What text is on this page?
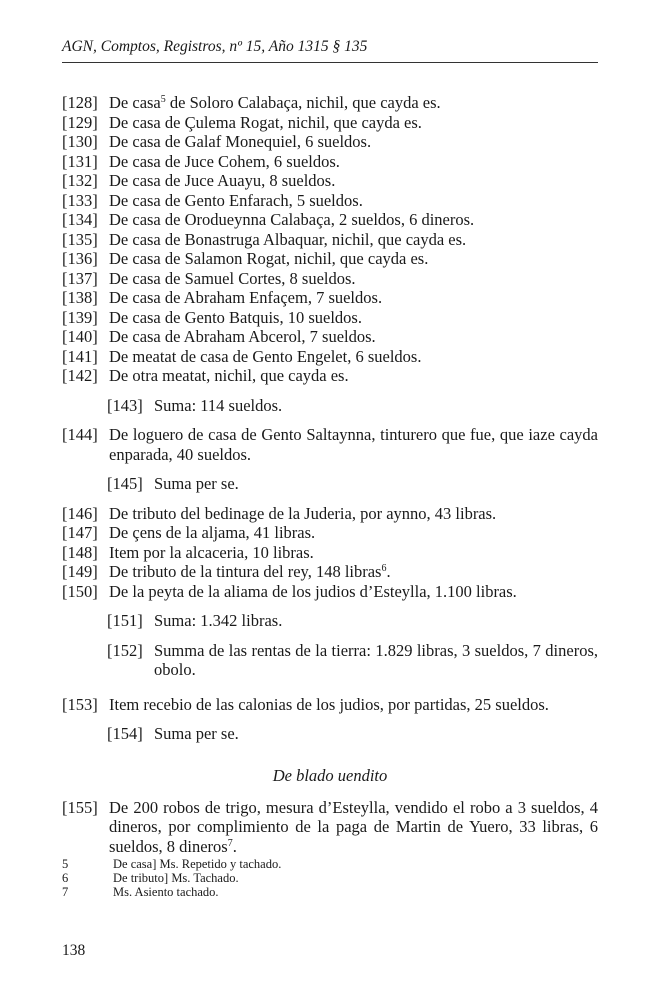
AGN, Comptos, Registros, nº 15, Año 1315 § 135
[128] De casa$^5$ de Soloro Calabaça, nichil, que cayda es.
[129] De casa de Çulema Rogat, nichil, que cayda es.
[130] De casa de Galaf Monequiel, 6 sueldos.
[131] De casa de Juce Cohem, 6 sueldos.
[132] De casa de Juce Auayu, 8 sueldos.
[133] De casa de Gento Enfarach, 5 sueldos.
[134] De casa de Orodueynna Calabaça, 2 sueldos, 6 dineros.
[135] De casa de Bonastruga Albaquar, nichil, que cayda es.
[136] De casa de Salamon Rogat, nichil, que cayda es.
[137] De casa de Samuel Cortes, 8 sueldos.
[138] De casa de Abraham Enfaçem, 7 sueldos.
[139] De casa de Gento Batquis, 10 sueldos.
[140] De casa de Abraham Abcerol, 7 sueldos.
[141] De meatat de casa de Gento Engelet, 6 sueldos.
[142] De otra meatat, nichil, que cayda es.
[143] Suma: 114 sueldos.
[144] De loguero de casa de Gento Saltaynna, tinturero que fue, que iaze cayda enparada, 40 sueldos.
[145] Suma per se.
[146] De tributo del bedinage de la Juderia, por aynno, 43 libras.
[147] De çens de la aljama, 41 libras.
[148] Item por la alcaceria, 10 libras.
[149] De tributo de la tintura del rey, 148 libras$^6$.
[150] De la peyta de la aliama de los judios d’Esteylla, 1.100 libras.
[151] Suma: 1.342 libras.
[152] Summa de las rentas de la tierra: 1.829 libras, 3 sueldos, 7 dineros, obolo.
[153] Item recebio de las calonias de los judios, por partidas, 25 sueldos.
[154] Suma per se.
De blado uendito
[155] De 200 robos de trigo, mesura d’Esteylla, vendido el robo a 3 sueldos, 4 dineros, por complimiento de la paga de Martin de Yuero, 33 libras, 6 sueldos, 8 dineros$^7$.
5	De casa] Ms. Repetido y tachado.
6	De tributo] Ms. Tachado.
7	Ms. Asiento tachado.
138
